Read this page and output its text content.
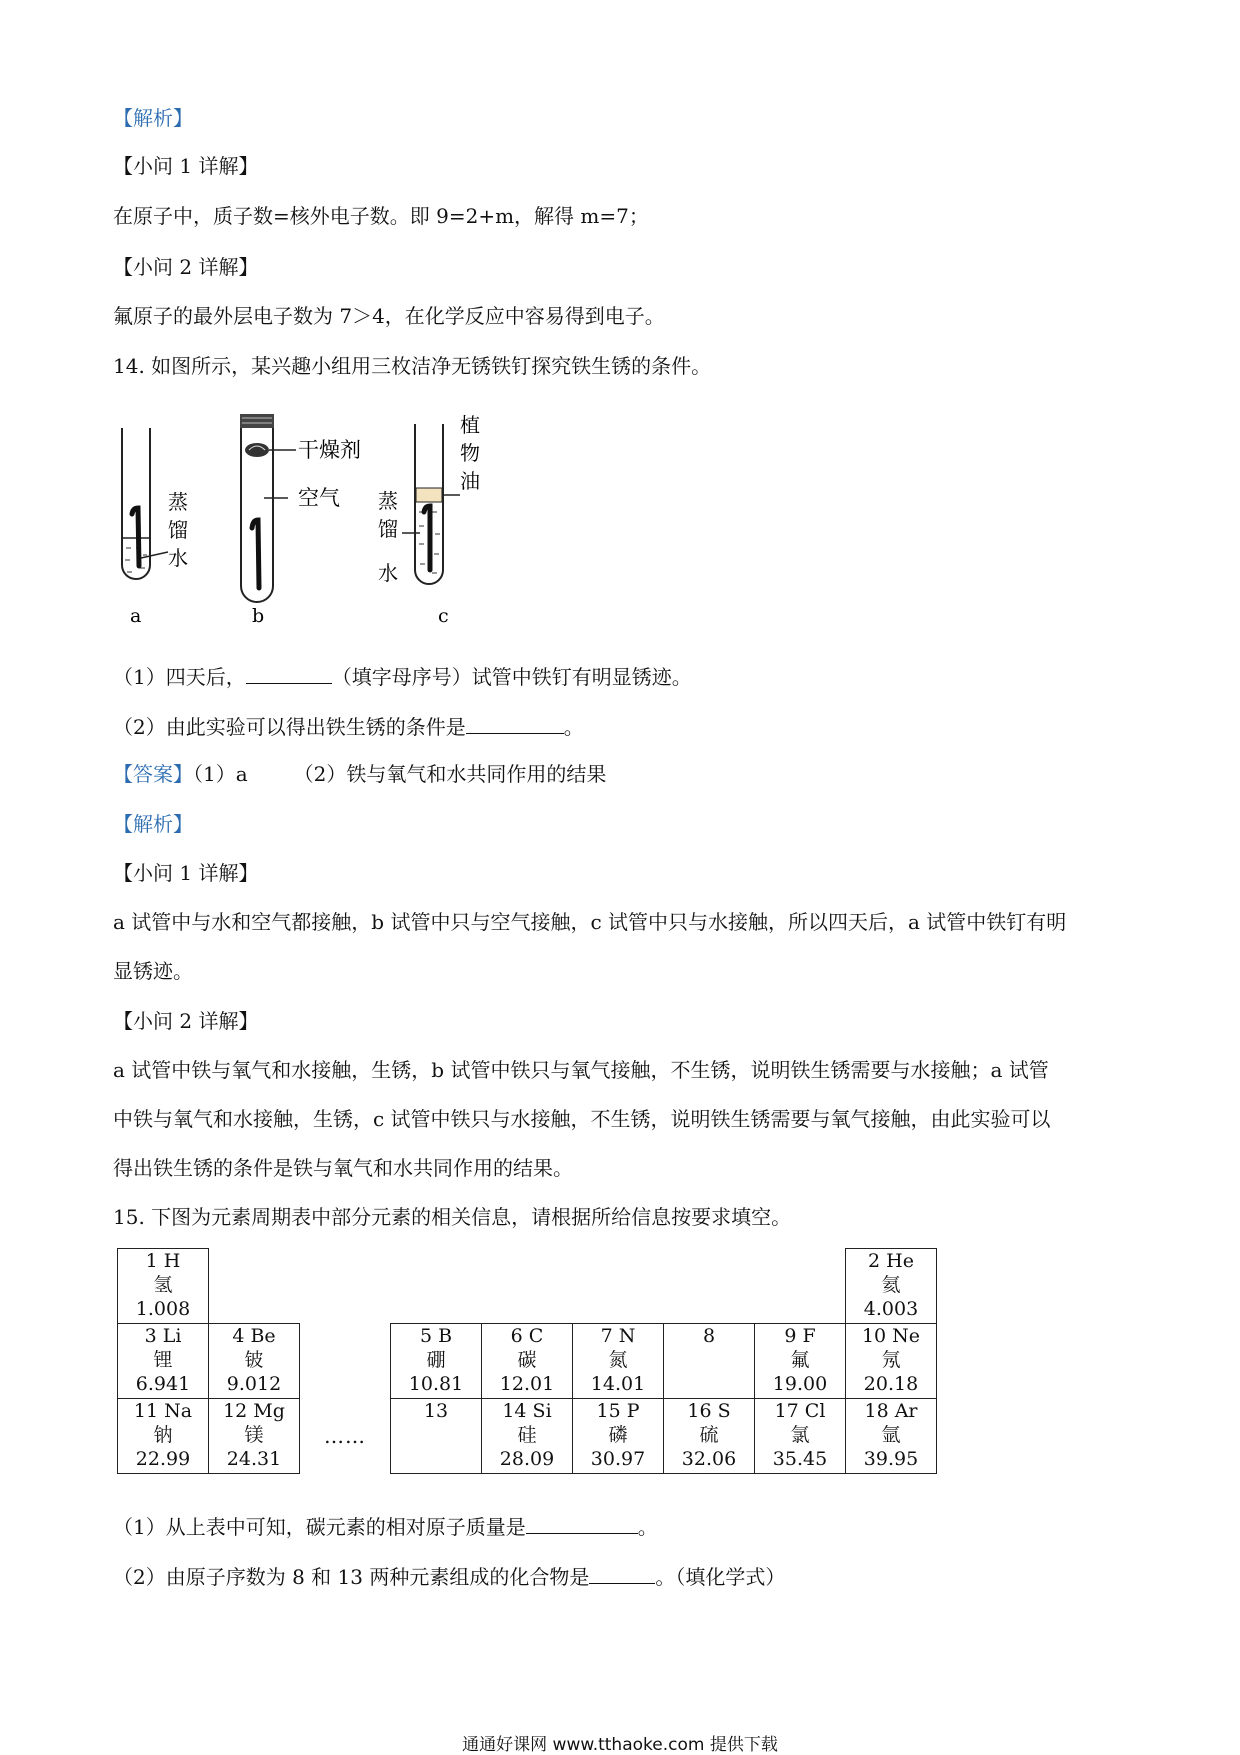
【解析】
【小问 1 详解】
在原子中，质子数=核外电子数。即 9=2+m，解得 m=7；
【小问 2 详解】
氟原子的最外层电子数为 7＞4，在化学反应中容易得到电子。
14. 如图所示，某兴趣小组用三枚洁净无锈铁钉探究铁生锈的条件。
蒸
馏
水
a
干燥剂
空气
b
植
物
油
蒸
馏
水
c
（1）四天后，	（填字母序号）试管中铁钉有明显锈迹。
（2）由此实验可以得出铁生锈的条件是	。
【答案】（1）a （2）铁与氧气和水共同作用的结果
【解析】
【小问 1 详解】
a 试管中与水和空气都接触，b 试管中只与空气接触，c 试管中只与水接触，所以四天后，a 试管中铁钉有明
显锈迹。
【小问 2 详解】
a 试管中铁与氧气和水接触，生锈，b 试管中铁只与氧气接触，不生锈，说明铁生锈需要与水接触；a 试管
中铁与氧气和水接触，生锈，c 试管中铁只与水接触，不生锈，说明铁生锈需要与氧气接触，由此实验可以
得出铁生锈的条件是铁与氧气和水共同作用的结果。
15. 下图为元素周期表中部分元素的相关信息，请根据所给信息按要求填空。
1 H
氢
1.008								2 He
氦
4.003

3 Li
锂
6.941	4 Be
铍
9.012		5 B
硼
10.81	6 C
碳
12.01	7 N
氮
14.01	8	9 F
氟
19.00	10 Ne
氖
20.18

11 Na
钠
22.99	12 Mg
镁
24.31	……	13	14 Si
硅
28.09	15 P
磷
30.97	16 S
硫
32.06	17 Cl
氯
35.45	18 Ar
氩
39.95
（1）从上表中可知，碳元素的相对原子质量是	。
（2）由原子序数为 8 和 13 两种元素组成的化合物是	。（填化学式）
通通好课网 www.tthaoke.com 提供下载
